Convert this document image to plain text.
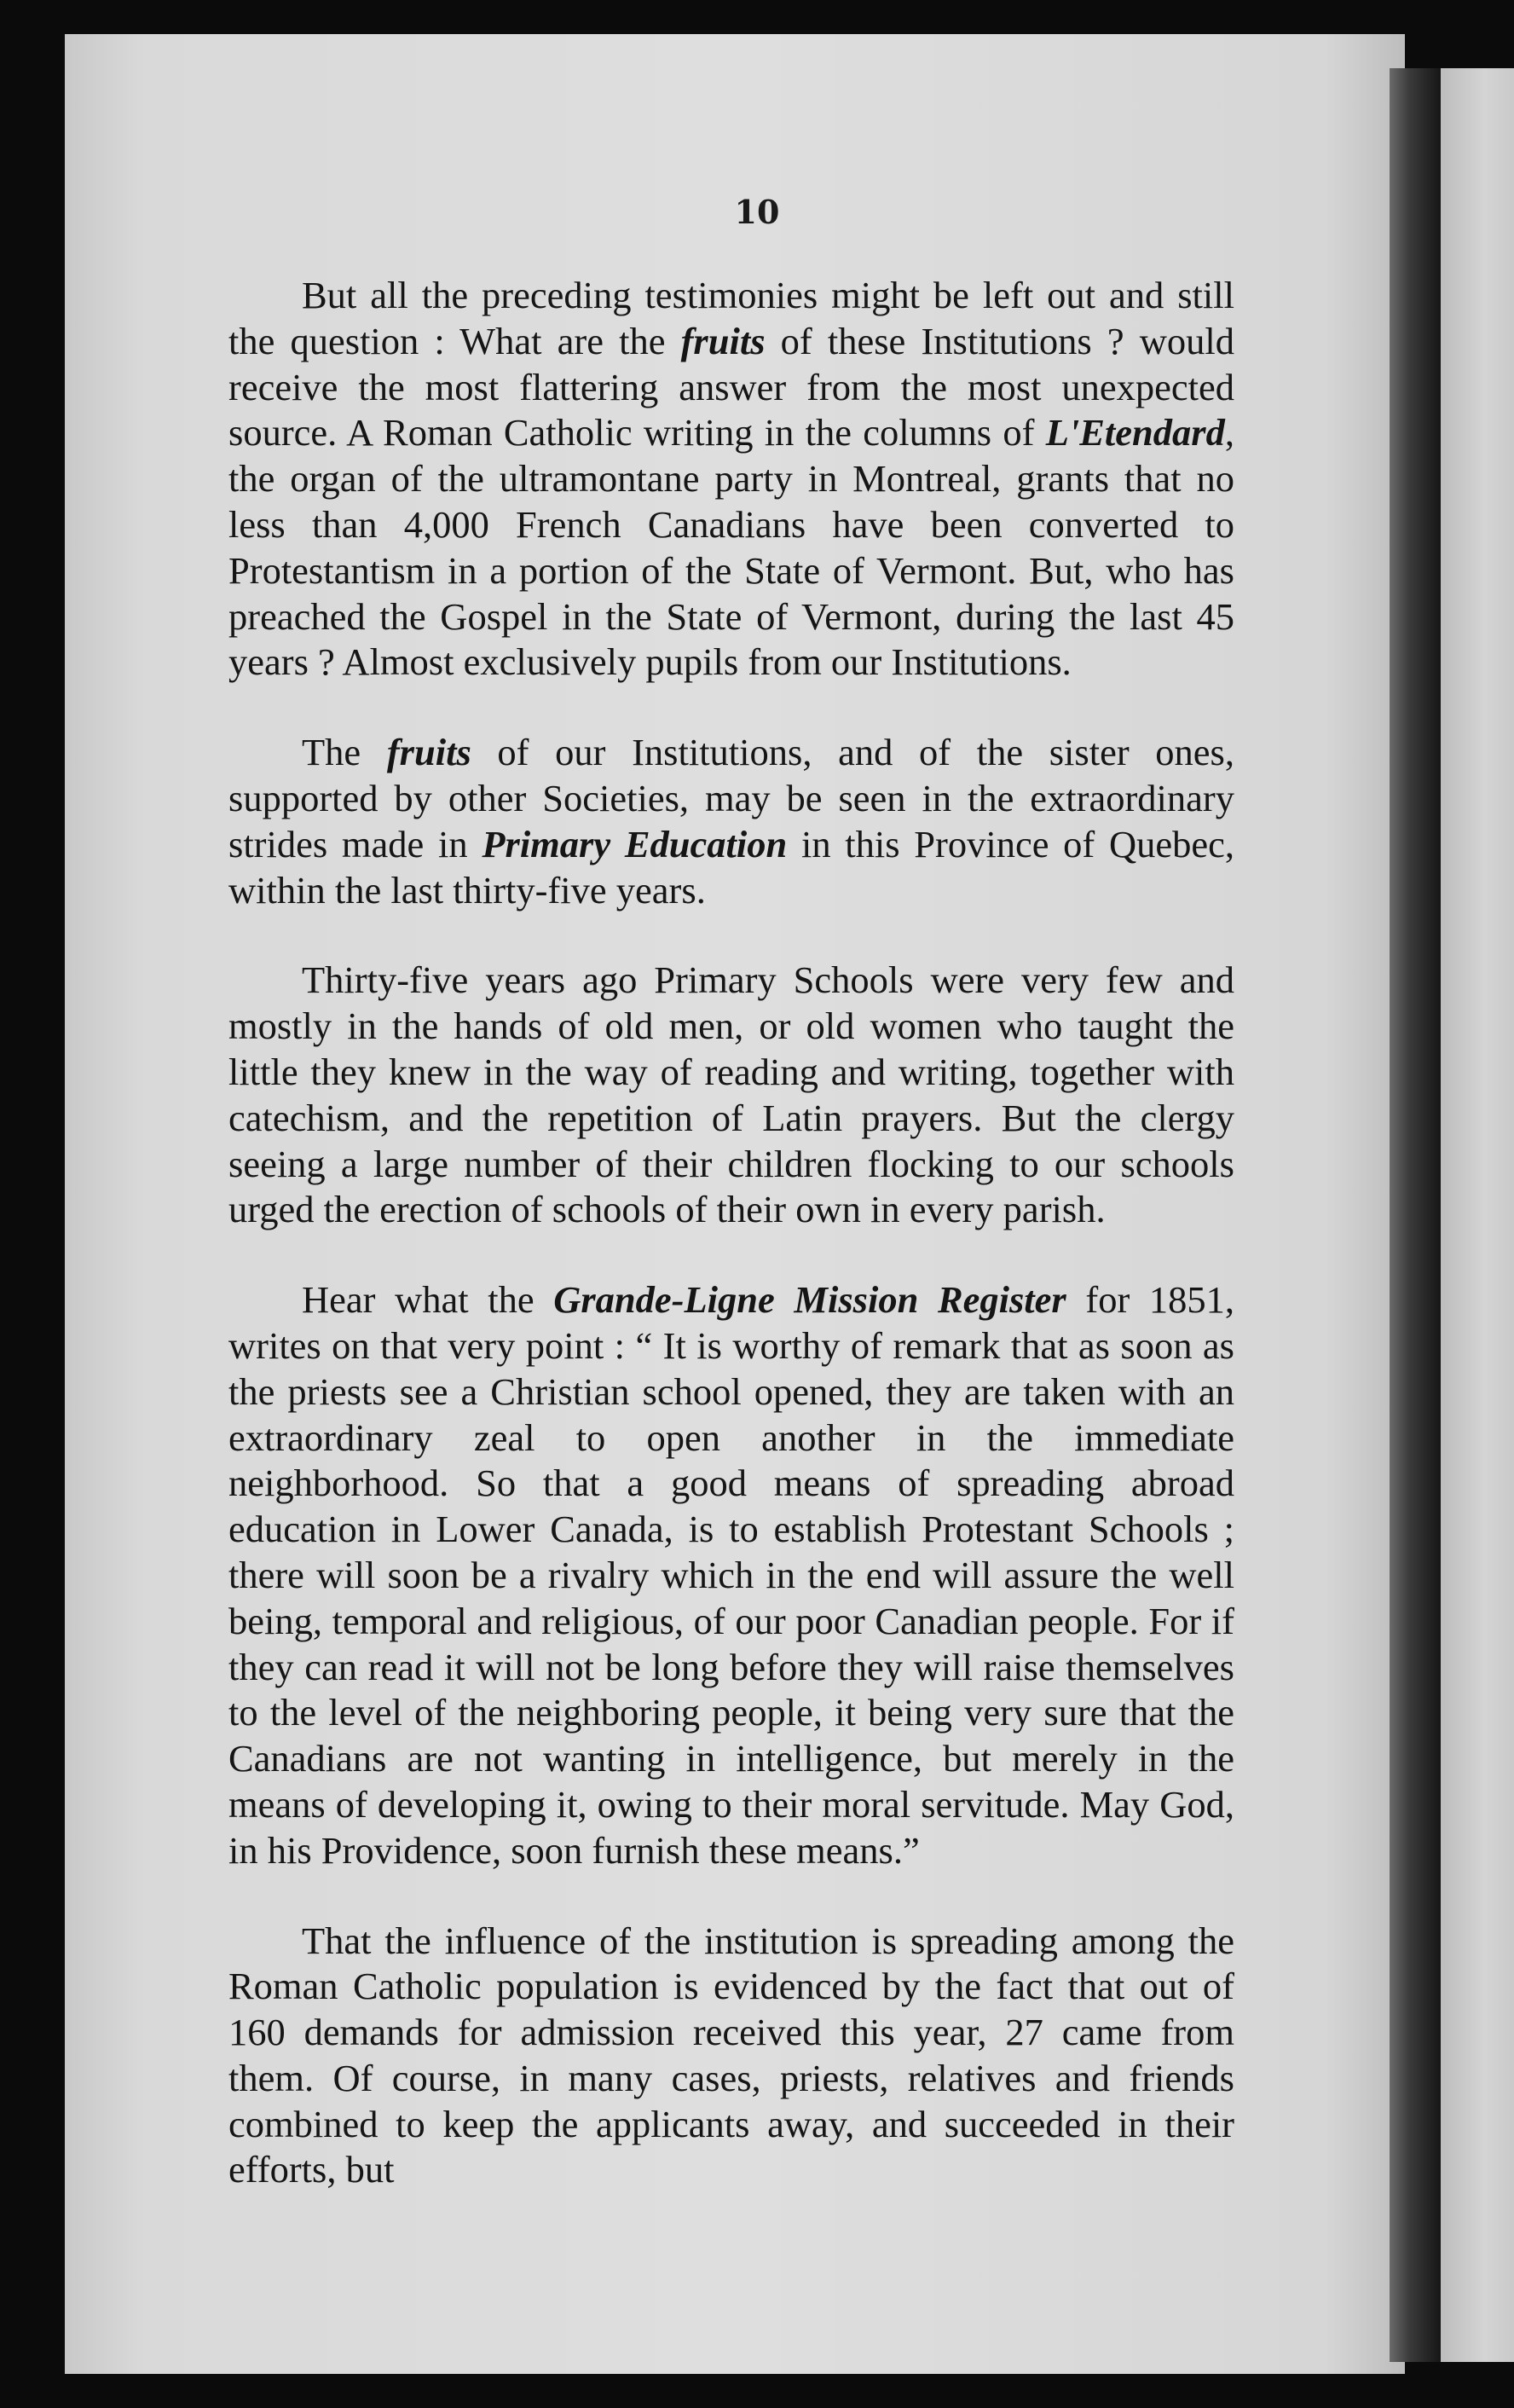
10

But all the preceding testimonies might be left out and still the question : What are the fruits of these Institutions ? would receive the most flattering answer from the most unexpected source. A Roman Catholic writing in the columns of L'Etendard, the organ of the ultramontane party in Montreal, grants that no less than 4,000 French Canadians have been converted to Protestantism in a portion of the State of Vermont. But, who has preached the Gospel in the State of Vermont, during the last 45 years ? Almost exclusively pupils from our Institutions.

The fruits of our Institutions, and of the sister ones, supported by other Societies, may be seen in the extraordinary strides made in Primary Education in this Province of Quebec, within the last thirty-five years.

Thirty-five years ago Primary Schools were very few and mostly in the hands of old men, or old women who taught the little they knew in the way of reading and writing, together with catechism, and the repetition of Latin prayers. But the clergy seeing a large number of their children flocking to our schools urged the erection of schools of their own in every parish.

Hear what the Grande-Ligne Mission Register for 1851, writes on that very point : “ It is worthy of remark that as soon as the priests see a Christian school opened, they are taken with an extraordinary zeal to open another in the immediate neighborhood. So that a good means of spreading abroad education in Lower Canada, is to establish Protestant Schools ; there will soon be a rivalry which in the end will assure the well being, temporal and religious, of our poor Canadian people. For if they can read it will not be long before they will raise themselves to the level of the neighboring people, it being very sure that the Canadians are not wanting in intelligence, but merely in the means of developing it, owing to their moral servitude. May God, in his Providence, soon furnish these means.”

That the influence of the institution is spreading among the Roman Catholic population is evidenced by the fact that out of 160 demands for admission received this year, 27 came from them. Of course, in many cases, priests, relatives and friends combined to keep the applicants away, and succeeded in their efforts, but
